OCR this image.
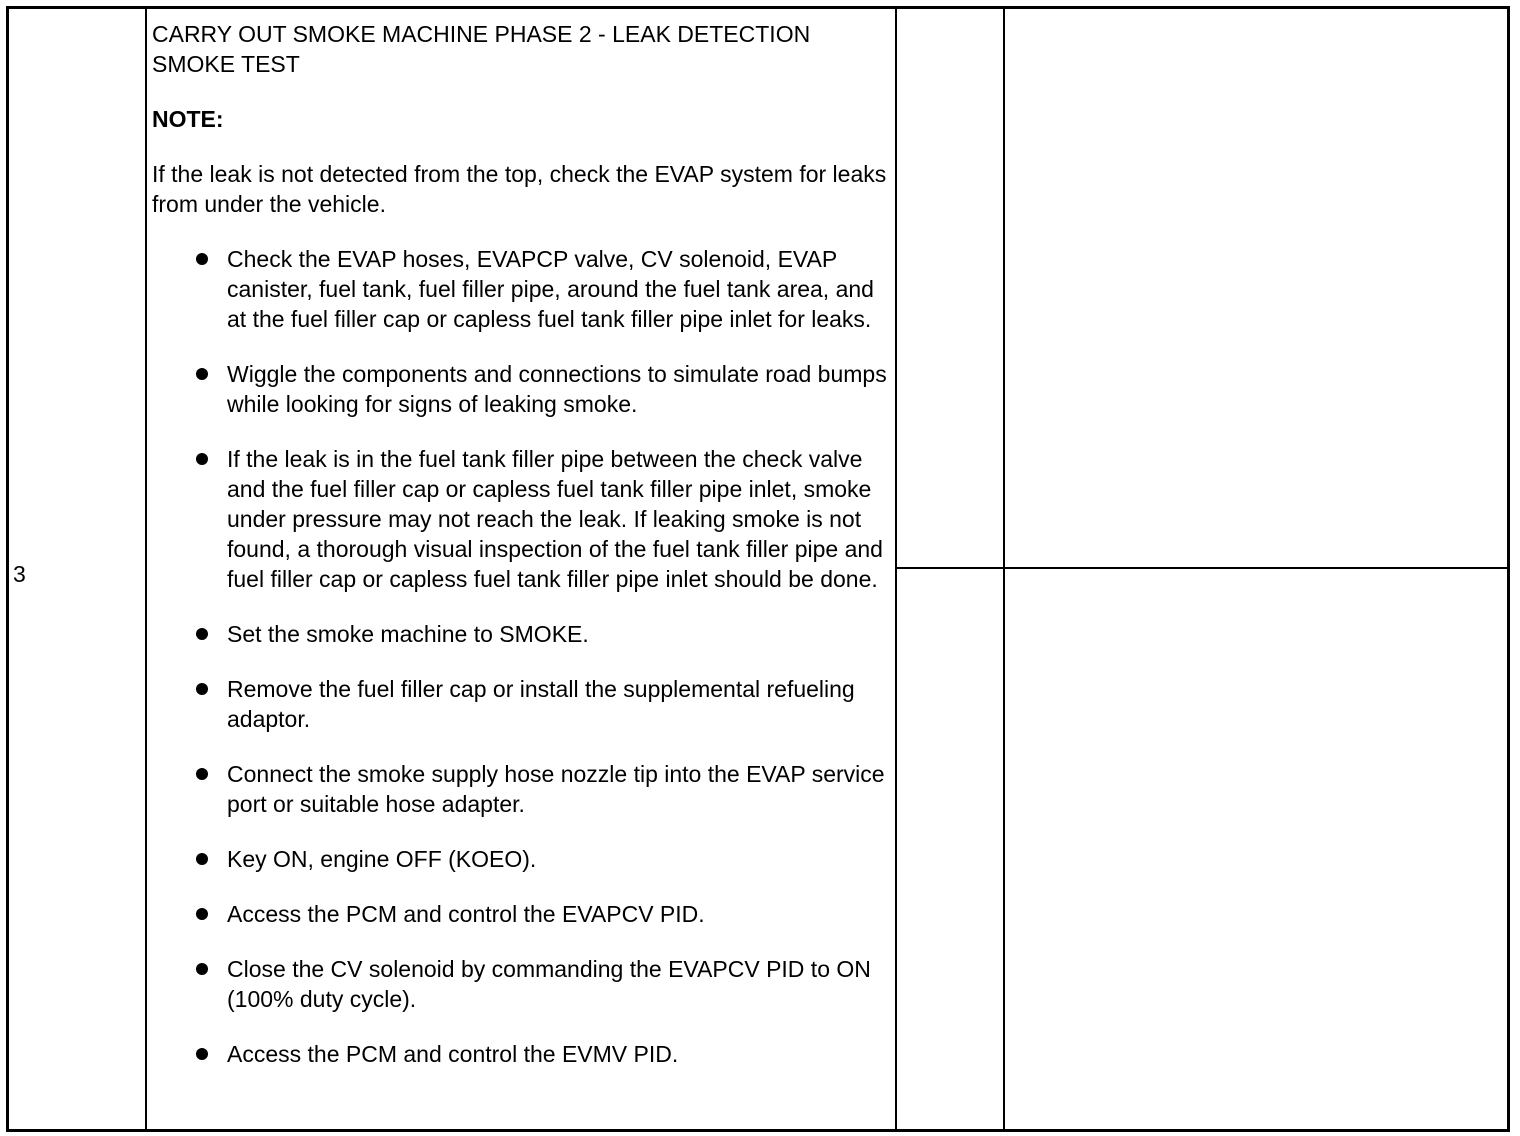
3

CARRY OUT SMOKE MACHINE PHASE 2 - LEAK DETECTION SMOKE TEST

NOTE:

If the leak is not detected from the top, check the EVAP system for leaks from under the vehicle.

Check the EVAP hoses, EVAPCP valve, CV solenoid, EVAP canister, fuel tank, fuel filler pipe, around the fuel tank area, and at the fuel filler cap or capless fuel tank filler pipe inlet for leaks.
Wiggle the components and connections to simulate road bumps while looking for signs of leaking smoke.
If the leak is in the fuel tank filler pipe between the check valve and the fuel filler cap or capless fuel tank filler pipe inlet, smoke under pressure may not reach the leak. If leaking smoke is not found, a thorough visual inspection of the fuel tank filler pipe and fuel filler cap or capless fuel tank filler pipe inlet should be done.
Set the smoke machine to SMOKE.
Remove the fuel filler cap or install the supplemental refueling adaptor.
Connect the smoke supply hose nozzle tip into the EVAP service port or suitable hose adapter.
Key ON, engine OFF (KOEO).
Access the PCM and control the EVAPCV PID.
Close the CV solenoid by commanding the EVAPCV PID to ON (100% duty cycle).
Access the PCM and control the EVMV PID.
